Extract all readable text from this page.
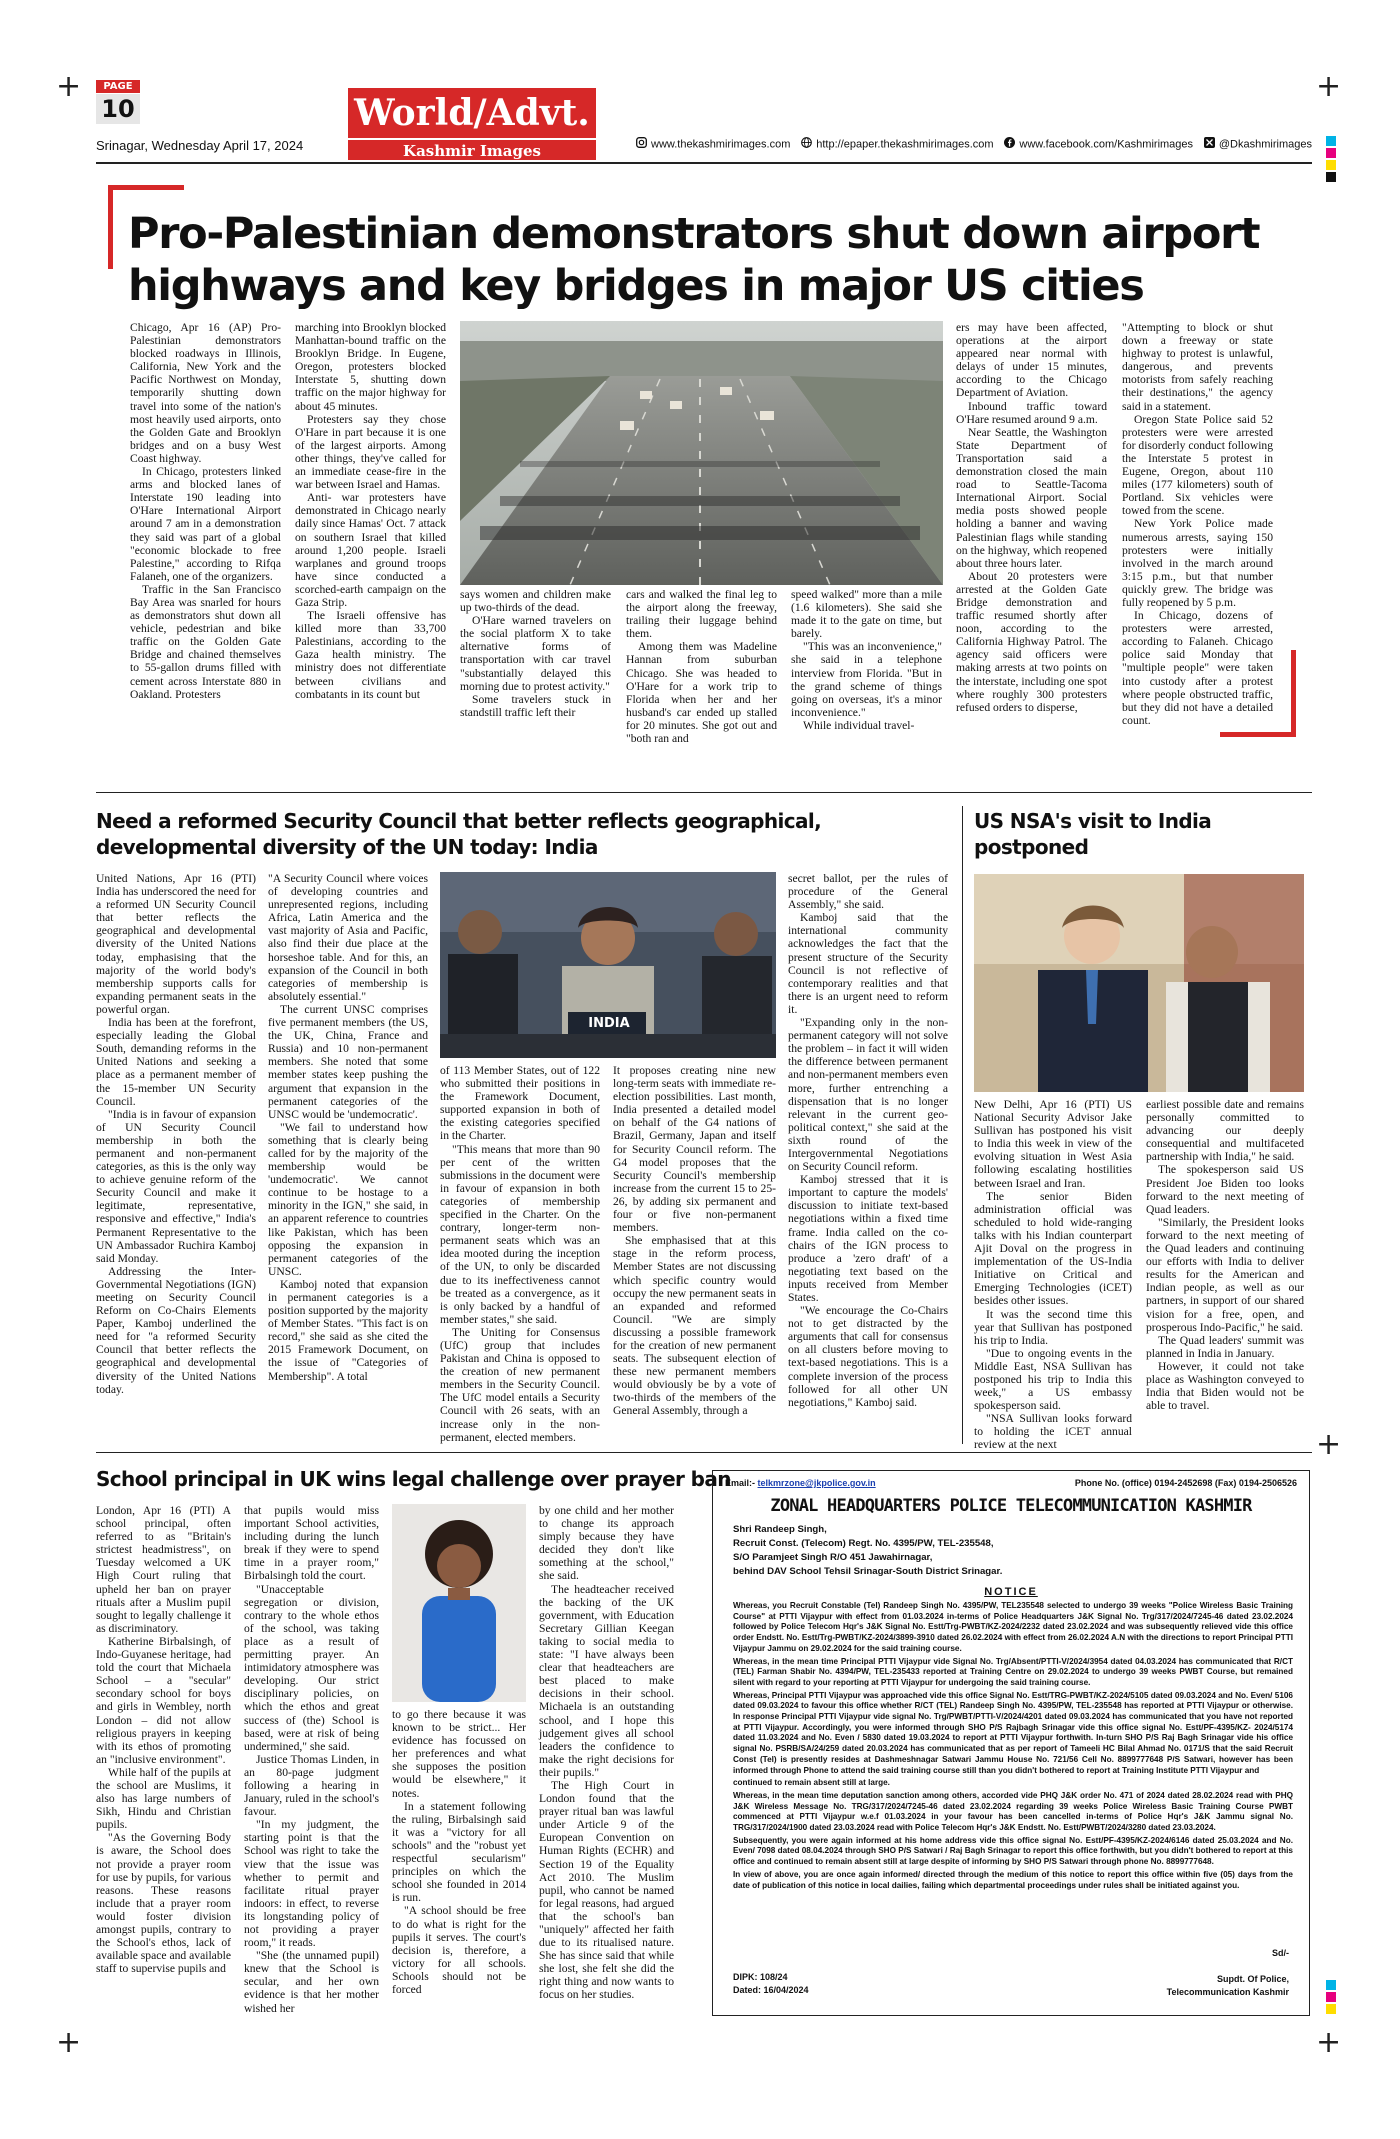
+	+
+	+
+
PAGE
10
Srinagar, Wednesday April 17, 2024
World/Advt.
Kashmir Images	www.thekashmirimages.com	http://epaper.thekashmirimages.com	www.facebook.com/Kashmirimages	@Dkashmirimages
Pro-Palestinian demonstrators shut down airport
highways and key bridges in major US cities

Chicago, Apr 16 (AP) Pro-Palestinian demonstrators blocked roadways in Illinois, California, New York and the Pacific Northwest on Monday, temporarily shutting down travel into some of the nation's most heavily used airports, onto the Golden Gate and Brooklyn bridges and on a busy West Coast highway.

In Chicago, protesters linked arms and blocked lanes of Interstate 190 leading into O'Hare International Airport around 7 am in a demonstration they said was part of a global "economic blockade to free Palestine," according to Rifqa Falaneh, one of the organizers.

Traffic in the San Francisco Bay Area was snarled for hours as demonstrators shut down all vehicle, pedestrian and bike traffic on the Golden Gate Bridge and chained themselves to 55-gallon drums filled with cement across Interstate 880 in Oakland. Protesters

marching into Brooklyn blocked Manhattan-bound traffic on the Brooklyn Bridge. In Eugene, Oregon, protesters blocked Interstate 5, shutting down traffic on the major highway for about 45 minutes.

Protesters say they chose O'Hare in part because it is one of the largest airports. Among other things, they've called for an immediate cease-fire in the war between Israel and Hamas.

Anti- war protesters have demonstrated in Chicago nearly daily since Hamas' Oct. 7 attack on southern Israel that killed around 1,200 people. Israeli warplanes and ground troops have since conducted a scorched-earth campaign on the Gaza Strip.

The Israeli offensive has killed more than 33,700 Palestinians, according to the Gaza health ministry. The ministry does not differentiate between civilians and combatants in its count but

says women and children make up two-thirds of the dead.

O'Hare warned travelers on the social platform X to take alternative forms of transportation with car travel "substantially delayed this morning due to protest activity."

Some travelers stuck in standstill traffic left their

cars and walked the final leg to the airport along the freeway, trailing their luggage behind them.

Among them was Madeline Hannan from suburban Chicago. She was headed to O'Hare for a work trip to Florida when her and her husband's car ended up stalled for 20 minutes. She got out and "both ran and

speed walked" more than a mile (1.6 kilometers). She said she made it to the gate on time, but barely.

"This was an inconvenience," she said in a telephone interview from Florida. "But in the grand scheme of things going on overseas, it's a minor inconvenience."

While individual travel-

ers may have been affected, operations at the airport appeared near normal with delays of under 15 minutes, according to the Chicago Department of Aviation.

Inbound traffic toward O'Hare resumed around 9 a.m.

Near Seattle, the Washington State Department of Transportation said a demonstration closed the main road to Seattle-Tacoma International Airport. Social media posts showed people holding a banner and waving Palestinian flags while standing on the highway, which reopened about three hours later.

About 20 protesters were arrested at the Golden Gate Bridge demonstration and traffic resumed shortly after noon, according to the California Highway Patrol. The agency said officers were making arrests at two points on the interstate, including one spot where roughly 300 protesters refused orders to disperse,

"Attempting to block or shut down a freeway or state highway to protest is unlawful, dangerous, and prevents motorists from safely reaching their destinations," the agency said in a statement.

Oregon State Police said 52 protesters were were arrested for disorderly conduct following the Interstate 5 protest in Eugene, Oregon, about 110 miles (177 kilometers) south of Portland. Six vehicles were towed from the scene.

New York Police made numerous arrests, saying 150 protesters were initially involved in the march around 3:15 p.m., but that number quickly grew. The bridge was fully reopened by 5 p.m.

In Chicago, dozens of protesters were arrested, according to Falaneh. Chicago police said Monday that "multiple people" were taken into custody after a protest where people obstructed traffic, but they did not have a detailed count.

Need a reformed Security Council that better reflects geographical,
developmental diversity of the UN today: India

United Nations, Apr 16 (PTI) India has underscored the need for a reformed UN Security Council that better reflects the geographical and developmental diversity of the United Nations today, emphasising that the majority of the world body's membership supports calls for expanding permanent seats in the powerful organ.

India has been at the forefront, especially leading the Global South, demanding reforms in the United Nations and seeking a place as a permanent member of the 15-member UN Security Council.

"India is in favour of expansion of UN Security Council membership in both the permanent and non-permanent categories, as this is the only way to achieve genuine reform of the Security Council and make it legitimate, representative, responsive and effective," India's Permanent Representative to the UN Ambassador Ruchira Kamboj said Monday.

Addressing the Inter-Governmental Negotiations (IGN) meeting on Security Council Reform on Co-Chairs Elements Paper, Kamboj underlined the need for "a reformed Security Council that better reflects the geographical and developmental diversity of the United Nations today.

"A Security Council where voices of developing countries and unrepresented regions, including Africa, Latin America and the vast majority of Asia and Pacific, also find their due place at the horseshoe table. And for this, an expansion of the Council in both categories of membership is absolutely essential."

The current UNSC comprises five permanent members (the US, the UK, China, France and Russia) and 10 non-permanent members. She noted that some member states keep pushing the argument that expansion in the permanent categories of the UNSC would be 'undemocratic'.

"We fail to understand how something that is clearly being called for by the majority of the membership would be 'undemocratic'. We cannot continue to be hostage to a minority in the IGN," she said, in an apparent reference to countries like Pakistan, which has been opposing the expansion in permanent categories of the UNSC.

Kamboj noted that expansion in permanent categories is a position supported by the majority of Member States. "This fact is on record," she said as she cited the 2015 Framework Document, on the issue of "Categories of Membership". A total

INDIA

of 113 Member States, out of 122 who submitted their positions in the Framework Document, supported expansion in both of the existing categories specified in the Charter.

"This means that more than 90 per cent of the written submissions in the document were in favour of expansion in both categories of membership specified in the Charter. On the contrary, longer-term non-permanent seats which was an idea mooted during the inception of the UN, to only be discarded due to its ineffectiveness cannot be treated as a convergence, as it is only backed by a handful of member states," she said.

The Uniting for Consensus (UfC) group that includes Pakistan and China is opposed to the creation of new permanent members in the Security Council. The UfC model entails a Security Council with 26 seats, with an increase only in the non-permanent, elected members.

It proposes creating nine new long-term seats with immediate re-election possibilities. Last month, India presented a detailed model on behalf of the G4 nations of Brazil, Germany, Japan and itself for Security Council reform. The G4 model proposes that the Security Council's membership increase from the current 15 to 25-26, by adding six permanent and four or five non-permanent members.

She emphasised that at this stage in the reform process, Member States are not discussing which specific country would occupy the new permanent seats in an expanded and reformed Council. "We are simply discussing a possible framework for the creation of new permanent seats. The subsequent election of these new permanent members would obviously be by a vote of two-thirds of the members of the General Assembly, through a

secret ballot, per the rules of procedure of the General Assembly," she said.

Kamboj said that the international community acknowledges the fact that the present structure of the Security Council is not reflective of contemporary realities and that there is an urgent need to reform it.

"Expanding only in the non-permanent category will not solve the problem – in fact it will widen the difference between permanent and non-permanent members even more, further entrenching a dispensation that is no longer relevant in the current geo-political context," she said at the sixth round of the Intergovernmental Negotiations on Security Council reform.

Kamboj stressed that it is important to capture the models' discussion to initiate text-based negotiations within a fixed time frame. India called on the co-chairs of the IGN process to produce a 'zero draft' of a negotiating text based on the inputs received from Member States.

"We encourage the Co-Chairs not to get distracted by the arguments that call for consensus on all clusters before moving to text-based negotiations. This is a complete inversion of the process followed for all other UN negotiations," Kamboj said.

US NSA's visit to India
postponed

New Delhi, Apr 16 (PTI) US National Security Advisor Jake Sullivan has postponed his visit to India this week in view of the evolving situation in West Asia following escalating hostilities between Israel and Iran.

The senior Biden administration official was scheduled to hold wide-ranging talks with his Indian counterpart Ajit Doval on the progress in implementation of the US-India Initiative on Critical and Emerging Technologies (iCET) besides other issues.

It was the second time this year that Sullivan has postponed his trip to India.

"Due to ongoing events in the Middle East, NSA Sullivan has postponed his trip to India this week," a US embassy spokesperson said.

"NSA Sullivan looks forward to holding the iCET annual review at the next

earliest possible date and remains personally committed to advancing our deeply consequential and multifaceted partnership with India," he said.

The spokesperson said US President Joe Biden too looks forward to the next meeting of Quad leaders.

"Similarly, the President looks forward to the next meeting of the Quad leaders and continuing our efforts with India to deliver results for the American and Indian people, as well as our partners, in support of our shared vision for a free, open, and prosperous Indo-Pacific," he said.

The Quad leaders' summit was planned in India in January.

However, it could not take place as Washington conveyed to India that Biden would not be able to travel.

School principal in UK wins legal challenge over prayer ban

London, Apr 16 (PTI) A school principal, often referred to as "Britain's strictest headmistress", on Tuesday welcomed a UK High Court ruling that upheld her ban on prayer rituals after a Muslim pupil sought to legally challenge it as discriminatory.

Katherine Birbalsingh, of Indo-Guyanese heritage, had told the court that Michaela School – a "secular" secondary school for boys and girls in Wembley, north London – did not allow religious prayers in keeping with its ethos of promoting an "inclusive environment".

While half of the pupils at the school are Muslims, it also has large numbers of Sikh, Hindu and Christian pupils.

"As the Governing Body is aware, the School does not provide a prayer room for use by pupils, for various reasons. These reasons include that a prayer room would foster division amongst pupils, contrary to the School's ethos, lack of available space and available staff to supervise pupils and

that pupils would miss important School activities, including during the lunch break if they were to spend time in a prayer room," Birbalsingh told the court.

"Unacceptable segregation or division, contrary to the whole ethos of the school, was taking place as a result of permitting prayer. An intimidatory atmosphere was developing. Our strict disciplinary policies, on which the ethos and great success of (the) School is based, were at risk of being undermined," she said.

Justice Thomas Linden, in an 80-page judgment following a hearing in January, ruled in the school's favour.

"In my judgment, the starting point is that the School was right to take the view that the issue was whether to permit and facilitate ritual prayer indoors: in effect, to reverse its longstanding policy of not providing a prayer room," it reads.

"She (the unnamed pupil) knew that the School is secular, and her own evidence is that her mother wished her

to go there because it was known to be strict... Her evidence has focussed on her preferences and what she supposes the position would be elsewhere," it notes.

In a statement following the ruling, Birbalsingh said it was a "victory for all schools" and the "robust yet respectful secularism" principles on which the school she founded in 2014 is run.

"A school should be free to do what is right for the pupils it serves. The court's decision is, therefore, a victory for all schools. Schools should not be forced

by one child and her mother to change its approach simply because they have decided they don't like something at the school," she said.

The headteacher received the backing of the UK government, with Education Secretary Gillian Keegan taking to social media to state: "I have always been clear that headteachers are best placed to make decisions in their school. Michaela is an outstanding school, and I hope this judgement gives all school leaders the confidence to make the right decisions for their pupils."

The High Court in London found that the prayer ritual ban was lawful under Article 9 of the European Convention on Human Rights (ECHR) and Section 19 of the Equality Act 2010. The Muslim pupil, who cannot be named for legal reasons, had argued that the school's ban "uniquely" affected her faith due to its ritualised nature. She has since said that while she lost, she felt she did the right thing and now wants to focus on her studies.

Email:- telkmrzone@jkpolice.gov.in	Phone No. (office) 0194-2452698 (Fax) 0194-2506526
ZONAL HEADQUARTERS POLICE TELECOMMUNICATION KASHMIR
Shri Randeep Singh,
Recruit Const. (Telecom) Regt. No. 4395/PW, TEL-235548,
S/O Paramjeet Singh R/O 451 Jawahirnagar,
behind DAV School Tehsil Srinagar-South District Srinagar.
NOTICE

Whereas, you Recruit Constable (Tel) Randeep Singh No. 4395/PW, TEL235548 selected to undergo 39 weeks "Police Wireless Basic Training Course" at PTTI Vijaypur with effect from 01.03.2024 in-terms of Police Headquarters J&K Signal No. Trg/317/2024/7245-46 dated 23.02.2024 followed by Police Telecom Hqr's J&K Signal No. Estt/Trg-PWBT/KZ-2024/2232 dated 23.02.2024 and was subsequently relieved vide this office order Endstt. No. Estt/Trg-PWBT/KZ-2024/3899-3910 dated 26.02.2024 with effect from 26.02.2024 A.N with the directions to report Principal PTTI Vijaypur Jammu on 29.02.2024 for the said training course.

Whereas, in the mean time Principal PTTI Vijaypur vide Signal No. Trg/Absent/PTTI-V/2024/3954 dated 04.03.2024 has communicated that R/CT (TEL) Farman Shabir No. 4394/PW, TEL-235433 reported at Training Centre on 29.02.2024 to undergo 39 weeks PWBT Course, but remained silent with regard to your reporting at PTTI Vijaypur for undergoing the said training course.

Whereas, Principal PTTI Vijaypur was approached vide this office Signal No. Estt/TRG-PWBT/KZ-2024/5105 dated 09.03.2024 and No. Even/ 5106 dated 09.03.2024 to favour this office whether R/CT (TEL) Randeep Singh No. 4395/PW, TEL-235548 has reported at PTTI Vijaypur or otherwise. In response Principal PTTI Vijaypur vide signal No. Trg/PWBT/PTTI-V/2024/4201 dated 09.03.2024 has communicated that you have not reported at PTTI Vijaypur. Accordingly, you were informed through SHO P/S Rajbagh Srinagar vide this office signal No. Estt/PF-4395/KZ- 2024/5174 dated 11.03.2024 and No. Even / 5830 dated 19.03.2024 to report at PTTI Vijaypur forthwith. In-turn SHO P/S Raj Bagh Srinagar vide his office signal No. PSRB/SA/24/259 dated 20.03.2024 has communicated that as per report of Tameeli HC Bilal Ahmad No. 0171/S that the said Recruit Const (Tel) is presently resides at Dashmeshnagar Satwari Jammu House No. 721/56 Cell No. 8899777648 P/S Satwari, however has been informed through Phone to attend the said training course still than you didn't bothered to report at Training Institute PTTI Vijaypur and

continued to remain absent still at large.

Whereas, in the mean time deputation sanction among others, accorded vide PHQ J&K order No. 471 of 2024 dated 28.02.2024 read with PHQ J&K Wireless Message No. TRG/317/2024/7245-46 dated 23.02.2024 regarding 39 weeks Police Wireless Basic Training Course PWBT commenced at PTTI Vijaypur w.e.f 01.03.2024 in your favour has been cancelled in-terms of Police Hqr's J&K Jammu signal No. TRG/317/2024/1900 dated 23.03.2024 read with Police Telecom Hqr's J&K Endstt. No. Estt/PWBT/2024/3280 dated 23.03.2024.

Subsequently, you were again informed at his home address vide this office signal No. Estt/PF-4395/KZ-2024/6146 dated 25.03.2024 and No. Even/ 7098 dated 08.04.2024 through SHO P/S Satwari / Raj Bagh Srinagar to report this office forthwith, but you didn't bothered to report at this office and continued to remain absent still at large despite of informing by SHO P/S Satwari through phone No. 8899777648.

In view of above, you are once again informed/ directed through the medium of this notice to report this office within five (05) days from the date of publication of this notice in local dailies, failing which departmental proceedings under rules shall be initiated against you.

DIPK: 108/24
Dated: 16/04/2024
Sd/-
Supdt. Of Police,
Telecommunication Kashmir
